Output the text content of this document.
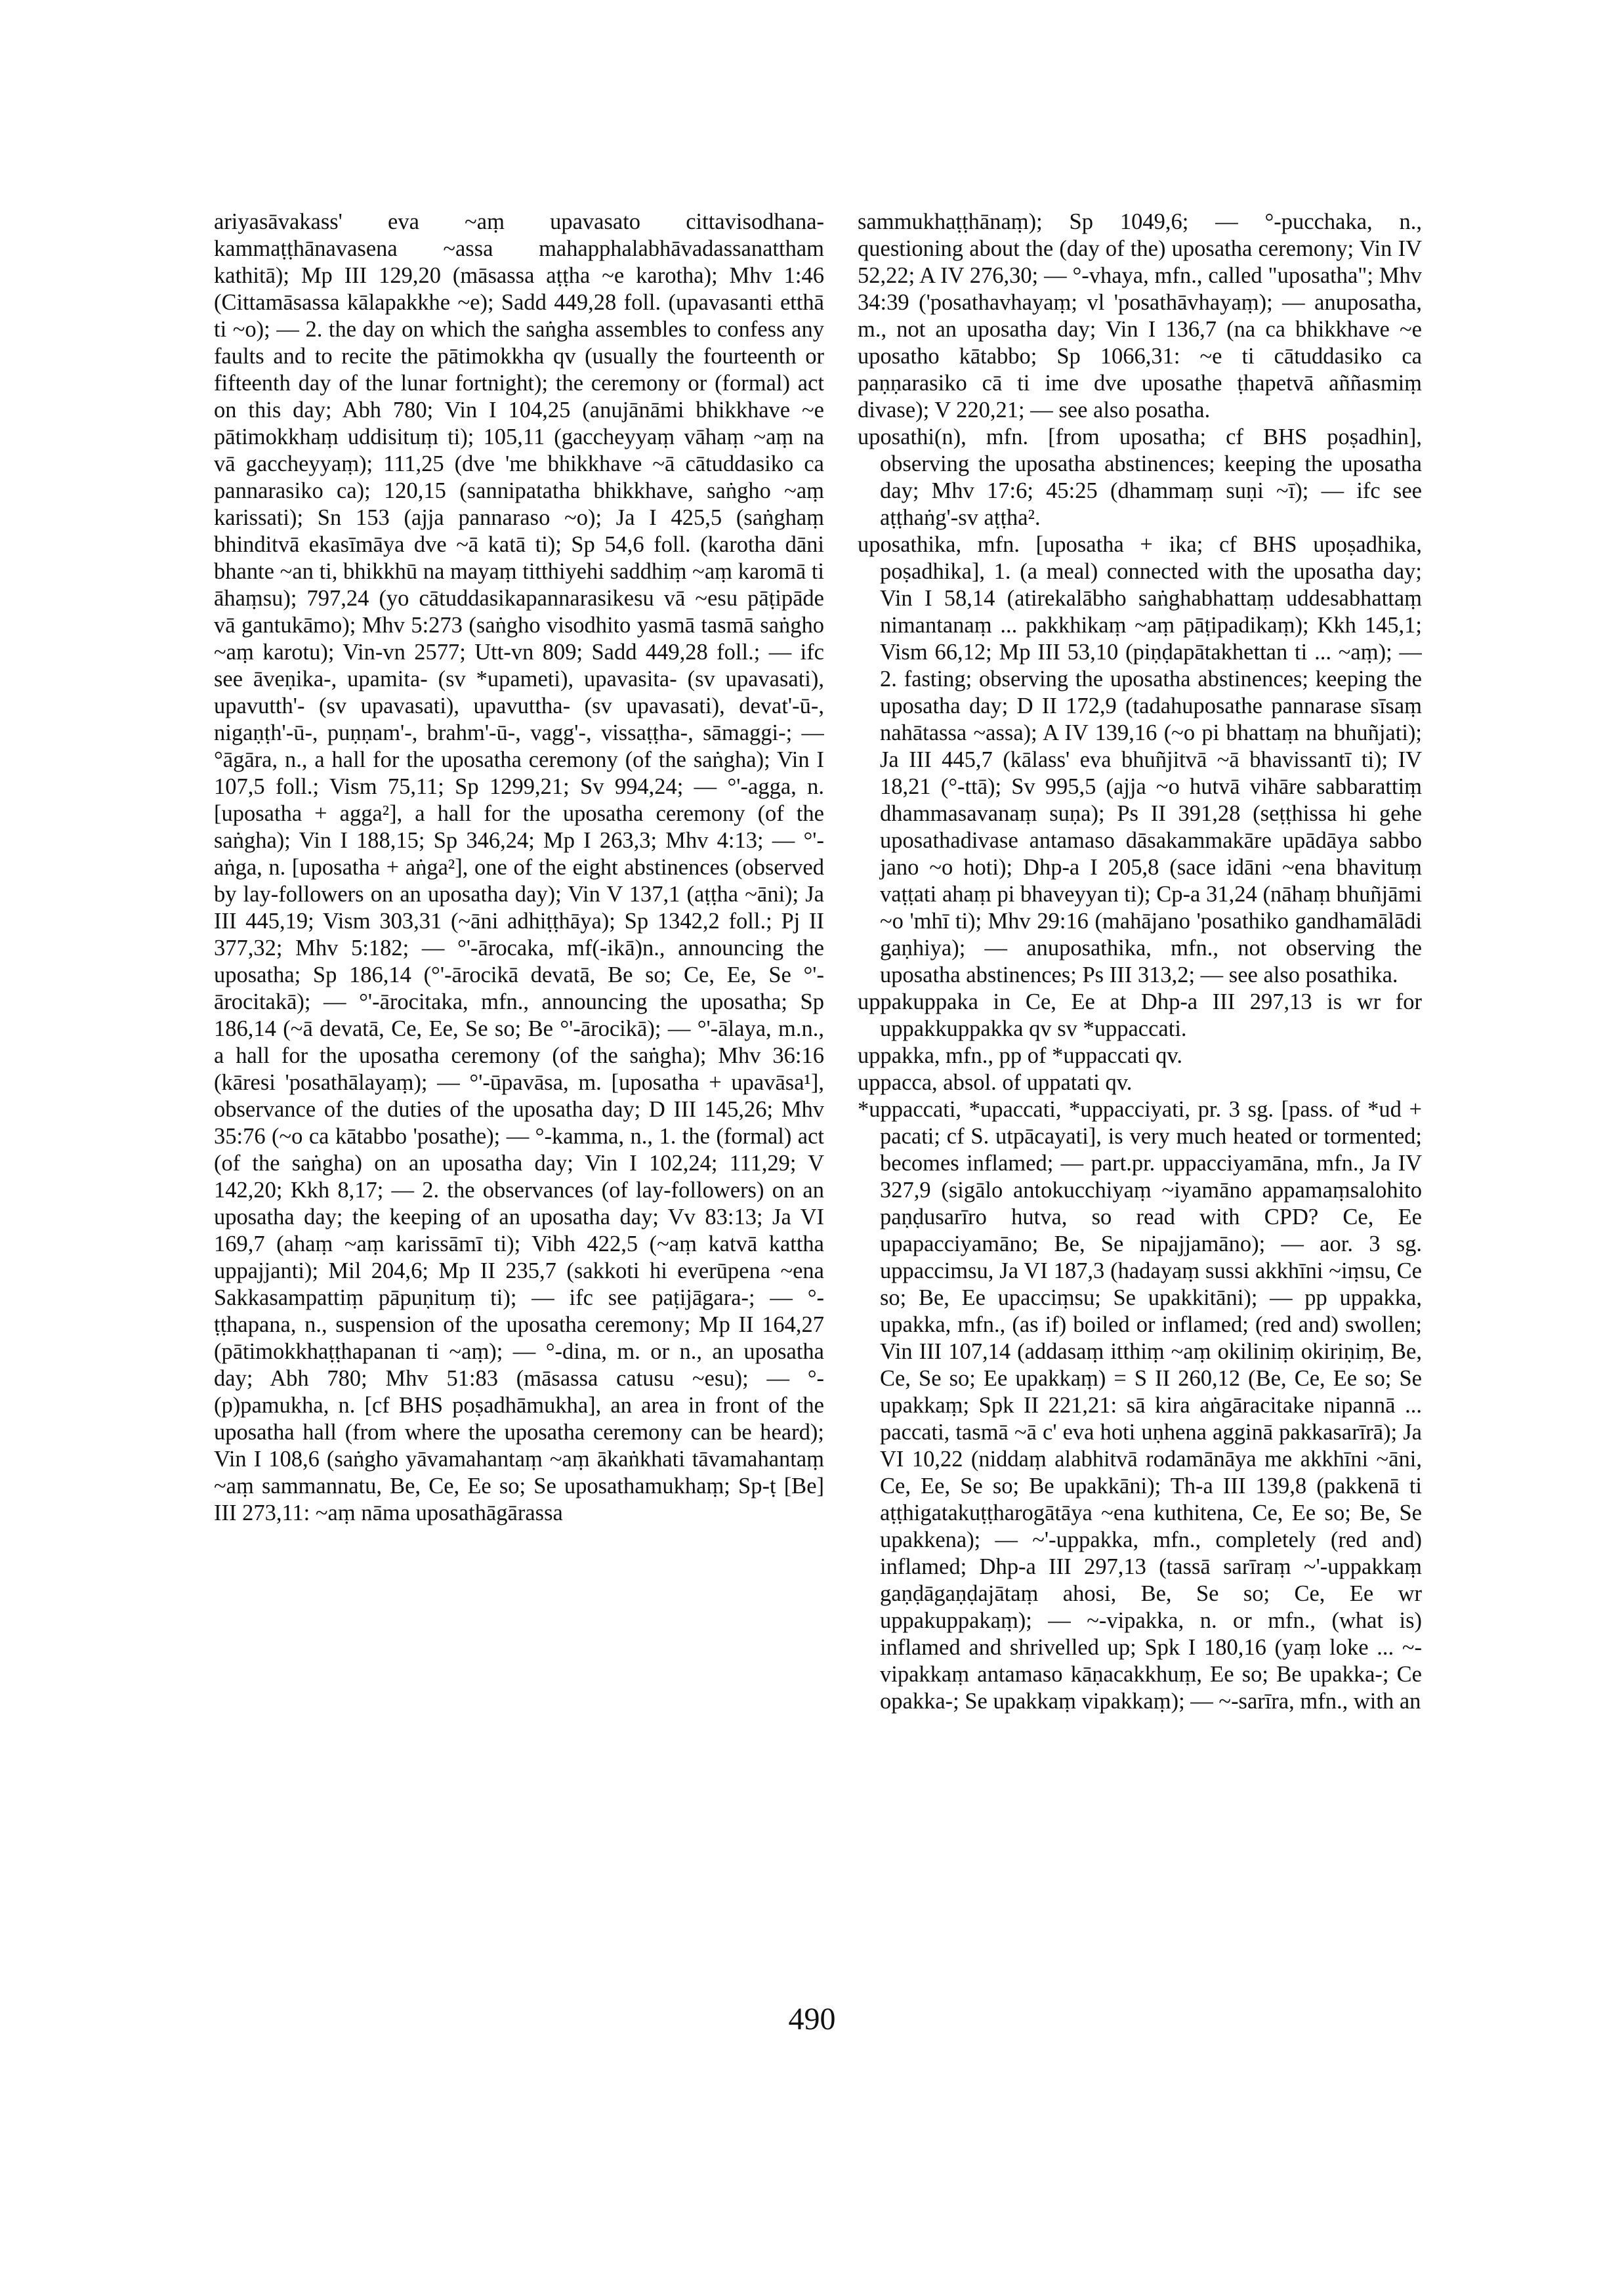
ariyasāvakass' eva ~aṃ upavasato cittavisodhana-kammaṭṭhānavasena ~assa mahapphalabhāvadassanattham kathitā); Mp III 129,20 (māsassa aṭṭha ~e karotha); Mhv 1:46 (Cittamāsassa kālapakkhe ~e); Sadd 449,28 foll. (upavasanti etthā ti ~o); — 2. the day on which the saṅgha assembles to confess any faults and to recite the pātimokkha qv (usually the fourteenth or fifteenth day of the lunar fortnight); the ceremony or (formal) act on this day; Abh 780; Vin I 104,25 (anujānāmi bhikkhave ~e pātimokkhaṃ uddisituṃ ti); 105,11 (gaccheyyaṃ vāhaṃ ~aṃ na vā gaccheyyaṃ); 111,25 (dve 'me bhikkhave ~ā cātuddasiko ca pannarasiko ca); 120,15 (sannipatatha bhikkhave, saṅgho ~aṃ karissati); Sn 153 (ajja pannaraso ~o); Ja I 425,5 (saṅghaṃ bhinditvā ekasīmāya dve ~ā katā ti); Sp 54,6 foll. (karotha dāni bhante ~an ti, bhikkhū na mayaṃ titthiyehi saddhiṃ ~aṃ karomā ti āhaṃsu); 797,24 (yo cātuddasikapannarasikesu vā ~esu pāṭipāde vā gantukāmo); Mhv 5:273 (saṅgho visodhito yasmā tasmā saṅgho ~aṃ karotu); Vin-vn 2577; Utt-vn 809; Sadd 449,28 foll.; — ifc see āveṇika-, upamita- (sv *upameti), upavasita- (sv upavasati), upavutth'- (sv upavasati), upavuttha- (sv upavasati), devat'-ū-, nigaṇṭh'-ū-, puṇṇam'-, brahm'-ū-, vagg'-, vissaṭṭha-, sāmaggi-; — °āgāra, n., a hall for the uposatha ceremony (of the saṅgha); Vin I 107,5 foll.; Vism 75,11; Sp 1299,21; Sv 994,24; — °'-agga, n. [uposatha + agga²], a hall for the uposatha ceremony (of the saṅgha); Vin I 188,15; Sp 346,24; Mp I 263,3; Mhv 4:13; — °'-aṅga, n. [uposatha + aṅga²], one of the eight abstinences (observed by lay-followers on an uposatha day); Vin V 137,1 (aṭṭha ~āni); Ja III 445,19; Vism 303,31 (~āni adhiṭṭhāya); Sp 1342,2 foll.; Pj II 377,32; Mhv 5:182; — °'-ārocaka, mf(-ikā)n., announcing the uposatha; Sp 186,14 (°'-ārocikā devatā, Be so; Ce, Ee, Se °'-ārocitakā); — °'-ārocitaka, mfn., announcing the uposatha; Sp 186,14 (~ā devatā, Ce, Ee, Se so; Be °'-ārocikā); — °'-ālaya, m.n., a hall for the uposatha ceremony (of the saṅgha); Mhv 36:16 (kāresi 'posathālayaṃ); — °'-ūpavāsa, m. [uposatha + upavāsa¹], observance of the duties of the uposatha day; D III 145,26; Mhv 35:76 (~o ca kātabbo 'posathe); — °-kamma, n., 1. the (formal) act (of the saṅgha) on an uposatha day; Vin I 102,24; 111,29; V 142,20; Kkh 8,17; — 2. the observances (of lay-followers) on an uposatha day; the keeping of an uposatha day; Vv 83:13; Ja VI 169,7 (ahaṃ ~aṃ karissāmī ti); Vibh 422,5 (~aṃ katvā kattha uppajjanti); Mil 204,6; Mp II 235,7 (sakkoti hi everūpena ~ena Sakkasampattiṃ pāpuṇituṃ ti); — ifc see paṭijāgara-; — °-ṭṭhapana, n., suspension of the uposatha ceremony; Mp II 164,27 (pātimokkhaṭṭhapanan ti ~aṃ); — °-dina, m. or n., an uposatha day; Abh 780; Mhv 51:83 (māsassa catusu ~esu); — °-(p)pamukha, n. [cf BHS poṣadhāmukha], an area in front of the uposatha hall (from where the uposatha ceremony can be heard); Vin I 108,6 (saṅgho yāvamahantaṃ ~aṃ ākaṅkhati tāvamahantaṃ ~aṃ sammannatu, Be, Ce, Ee so; Se uposathamukhaṃ; Sp-ṭ [Be] III 273,11: ~aṃ nāma uposathāgārassa

sammukhaṭṭhānaṃ); Sp 1049,6; — °-pucchaka, n., questioning about the (day of the) uposatha ceremony; Vin IV 52,22; A IV 276,30; — °-vhaya, mfn., called "uposatha"; Mhv 34:39 ('posathavhayaṃ; vl 'posathāvhayaṃ); — anuposatha, m., not an uposatha day; Vin I 136,7 (na ca bhikkhave ~e uposatho kātabbo; Sp 1066,31: ~e ti cātuddasiko ca paṇṇarasiko cā ti ime dve uposathe ṭhapetvā aññasmiṃ divase); V 220,21; — see also posatha.

uposathi(n), mfn. [from uposatha; cf BHS poṣadhin], observing the uposatha abstinences; keeping the uposatha day; Mhv 17:6; 45:25 (dhammaṃ suṇi ~ī); — ifc see aṭṭhaṅg'-sv aṭṭha².

uposathika, mfn. [uposatha + ika; cf BHS upoṣadhika, poṣadhika], 1. (a meal) connected with the uposatha day; Vin I 58,14 (atirekalābho saṅghabhattaṃ uddesabhattaṃ nimantanaṃ ... pakkhikaṃ ~aṃ pāṭipadikaṃ); Kkh 145,1; Vism 66,12; Mp III 53,10 (piṇḍapātakhettan ti ... ~aṃ); — 2. fasting; observing the uposatha abstinences; keeping the uposatha day; D II 172,9 (tadahuposathe pannarase sīsaṃ nahātassa ~assa); A IV 139,16 (~o pi bhattaṃ na bhuñjati); Ja III 445,7 (kālass' eva bhuñjitvā ~ā bhavissantī ti); IV 18,21 (°-ttā); Sv 995,5 (ajja ~o hutvā vihāre sabbarattiṃ dhammasavanaṃ suṇa); Ps II 391,28 (seṭṭhissa hi gehe uposathadivase antamaso dāsakammakāre upādāya sabbo jano ~o hoti); Dhp-a I 205,8 (sace idāni ~ena bhavituṃ vaṭṭati ahaṃ pi bhaveyyan ti); Cp-a 31,24 (nāhaṃ bhuñjāmi ~o 'mhī ti); Mhv 29:16 (mahājano 'posathiko gandhamālādi gaṇhiya); — anuposathika, mfn., not observing the uposatha abstinences; Ps III 313,2; — see also posathika.

uppakuppaka in Ce, Ee at Dhp-a III 297,13 is wr for uppakkuppakka qv sv *uppaccati.

uppakka, mfn., pp of *uppaccati qv.

uppacca, absol. of uppatati qv.

*uppaccati, *upaccati, *uppacciyati, pr. 3 sg. [pass. of *ud + pacati; cf S. utpācayati], is very much heated or tormented; becomes inflamed; — part.pr. uppacciyamāna, mfn., Ja IV 327,9 (sigālo antokucchiyaṃ ~iyamāno appamaṃsalohito paṇḍusarīro hutva, so read with CPD? Ce, Ee upapacciyamāno; Be, Se nipajjamāno); — aor. 3 sg. uppaccimsu, Ja VI 187,3 (hadayaṃ sussi akkhīni ~iṃsu, Ce so; Be, Ee upacciṃsu; Se upakkitāni); — pp uppakka, upakka, mfn., (as if) boiled or inflamed; (red and) swollen; Vin III 107,14 (addasaṃ itthiṃ ~aṃ okiliniṃ okiriṇiṃ, Be, Ce, Se so; Ee upakkaṃ) = S II 260,12 (Be, Ce, Ee so; Se upakkaṃ; Spk II 221,21: sā kira aṅgāracitake nipannā ... paccati, tasmā ~ā c' eva hoti uṇhena agginā pakkasarīrā); Ja VI 10,22 (niddaṃ alabhitvā rodamānāya me akkhīni ~āni, Ce, Ee, Se so; Be upakkāni); Th-a III 139,8 (pakkenā ti aṭṭhigatakuṭṭharogātāya ~ena kuthitena, Ce, Ee so; Be, Se upakkena); — ~'-uppakka, mfn., completely (red and) inflamed; Dhp-a III 297,13 (tassā sarīraṃ ~'-uppakkaṃ gaṇḍāgaṇḍajātaṃ ahosi, Be, Se so; Ce, Ee wr uppakuppakaṃ); — ~-vipakka, n. or mfn., (what is) inflamed and shrivelled up; Spk I 180,16 (yaṃ loke ... ~-vipakkaṃ antamaso kāṇacakkhuṃ, Ee so; Be upakka-; Ce opakka-; Se upakkaṃ vipakkaṃ); — ~-sarīra, mfn., with an

490
